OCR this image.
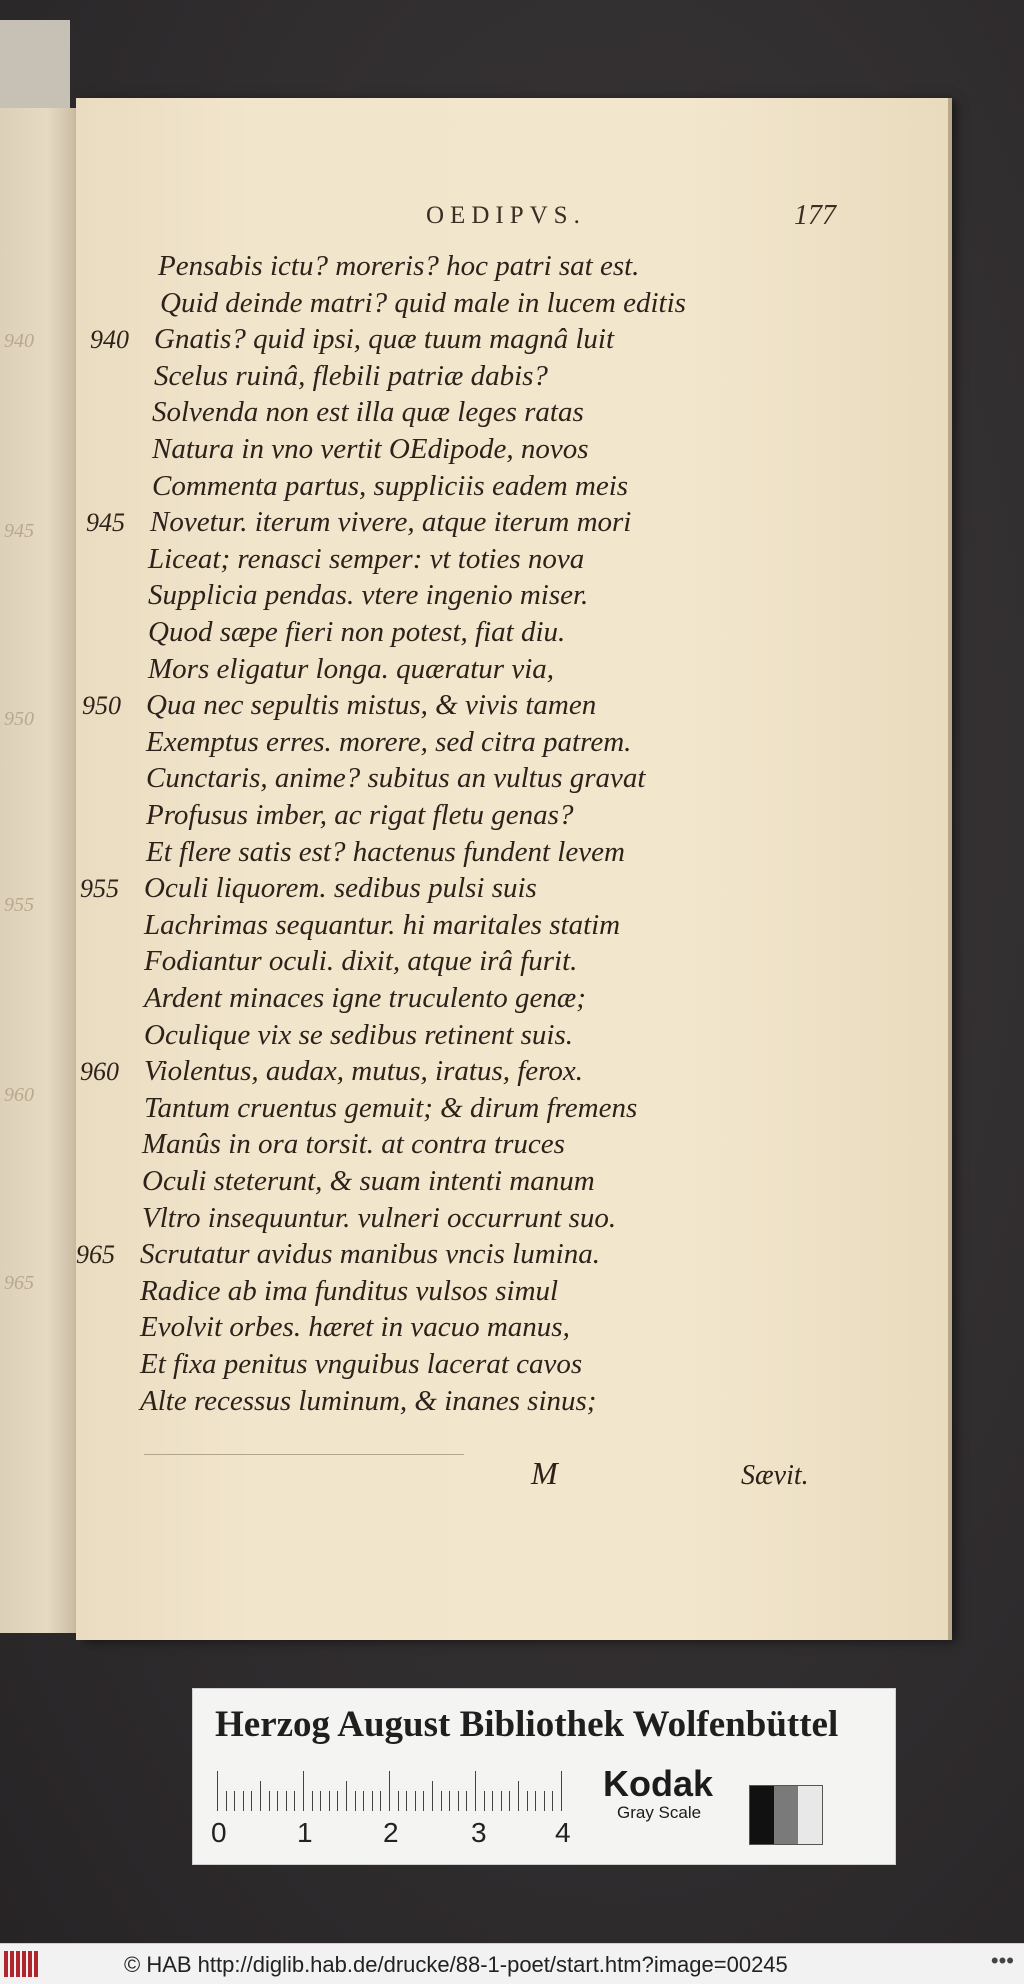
940
945
950
955
960
965
OEDIPVS.	177
Pensabis ictu? moreris? hoc patri sat est.
Quid deinde matri? quid male in lucem editis
Gnatis? quid ipsi, quæ tuum magnâ luit
940
Scelus ruinâ, flebili patriæ dabis?
Solvenda non est illa quæ leges ratas
Natura in vno vertit OEdipode, novos
Commenta partus, suppliciis eadem meis
Novetur. iterum vivere, atque iterum mori
945
Liceat; renasci semper: vt toties nova
Supplicia pendas. vtere ingenio miser.
Quod sæpe fieri non potest, fiat diu.
Mors eligatur longa. quæratur via,
Qua nec sepultis mistus, & vivis tamen
950
Exemptus erres. morere, sed citra patrem.
Cunctaris, anime? subitus an vultus gravat
Profusus imber, ac rigat fletu genas?
Et flere satis est? hactenus fundent levem
Oculi liquorem. sedibus pulsi suis
955
Lachrimas sequantur. hi maritales statim
Fodiantur oculi. dixit, atque irâ furit.
Ardent minaces igne truculento genæ;
Oculique vix se sedibus retinent suis.
Violentus, audax, mutus, iratus, ferox.
960
Tantum cruentus gemuit; & dirum fremens
Manûs in ora torsit. at contra truces
Oculi steterunt, & suam intenti manum
Vltro insequuntur. vulneri occurrunt suo.
Scrutatur avidus manibus vncis lumina.
965
Radice ab ima funditus vulsos simul
Evolvit orbes. hæret in vacuo manus,
Et fixa penitus vnguibus lacerat cavos
Alte recessus luminum, & inanes sinus;
M	Sævit.
Herzog August Bibliothek Wolfenbüttel
0	1	2	3 4
Kodak
Gray Scale
© HAB http://diglib.hab.de/drucke/88-1-poet/start.htm?image=00245	•••
